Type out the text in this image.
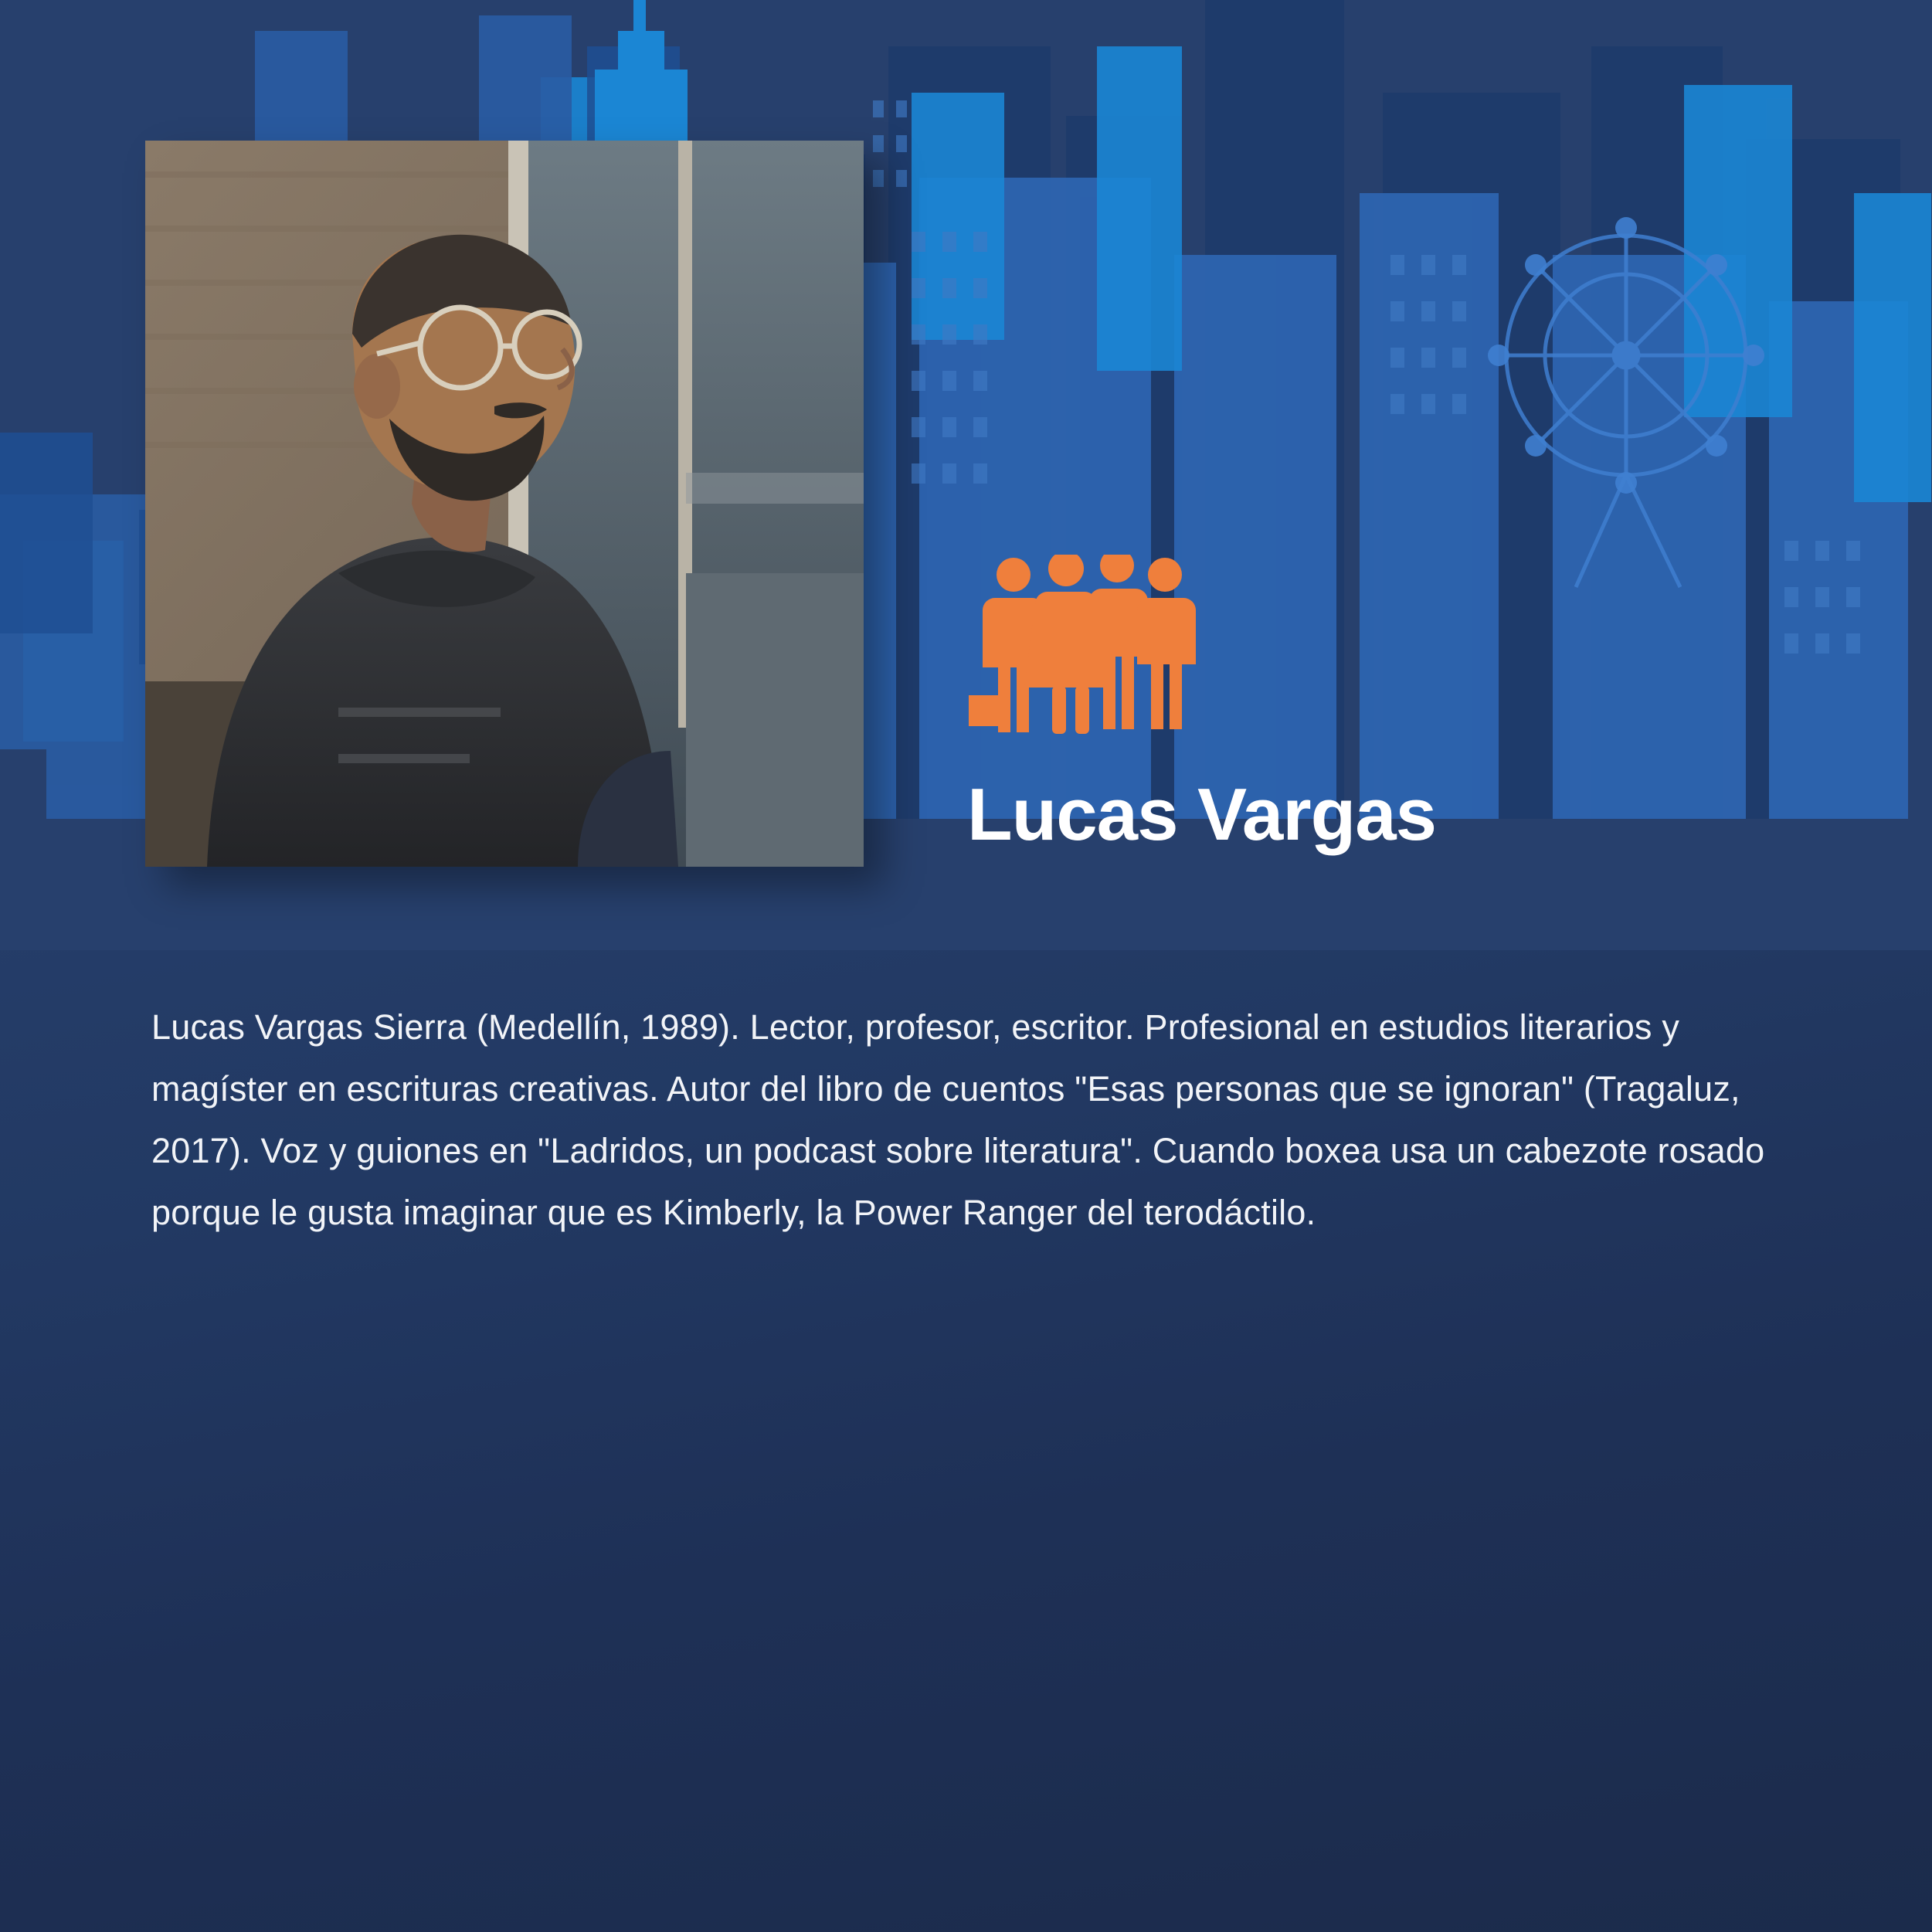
Lucas Vargas

Lucas Vargas Sierra (Medellín, 1989). Lector, profesor, escritor. Profesional en estudios literarios y magíster en escrituras creativas. Autor del libro de cuentos "Esas personas que se ignoran" (Tragaluz, 2017). Voz y guiones en "Ladridos, un podcast sobre literatura". Cuando boxea usa un cabezote rosado porque le gusta imaginar que es Kimberly, la Power Ranger del terodáctilo.
